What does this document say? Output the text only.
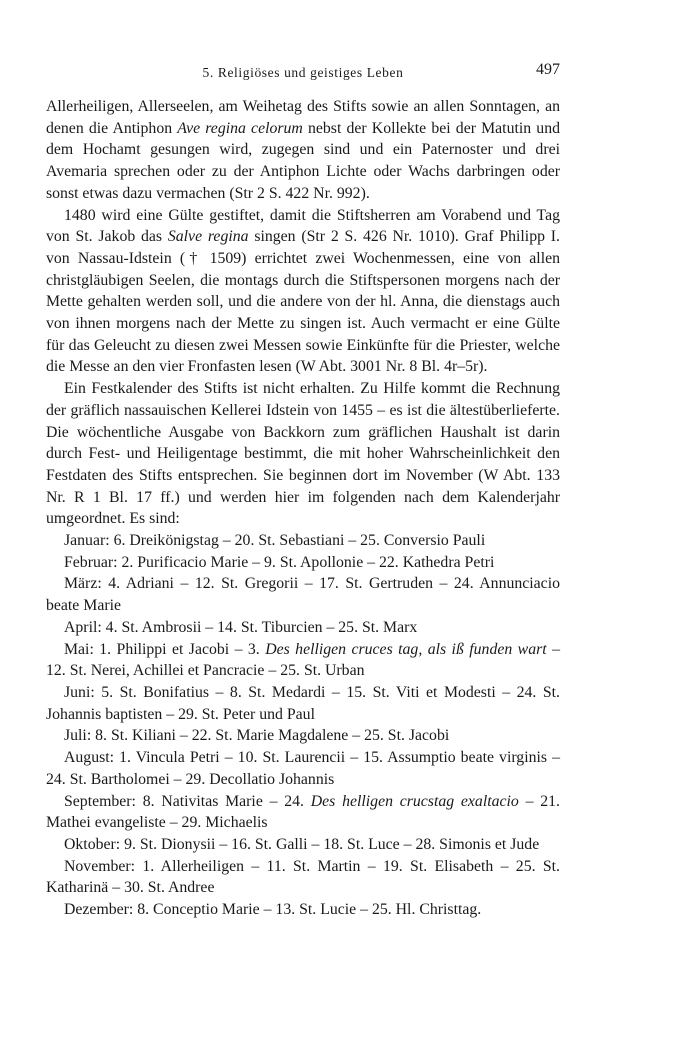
5. Religiöses und geistiges Leben	497

Allerheiligen, Allerseelen, am Weihetag des Stifts sowie an allen Sonntagen, an denen die Antiphon Ave regina celorum nebst der Kollekte bei der Matutin und dem Hochamt gesungen wird, zugegen sind und ein Paternoster und drei Avemaria sprechen oder zu der Antiphon Lichte oder Wachs darbringen oder sonst etwas dazu vermachen (Str 2 S. 422 Nr. 992).

1480 wird eine Gülte gestiftet, damit die Stiftsherren am Vorabend und Tag von St. Jakob das Salve regina singen (Str 2 S. 426 Nr. 1010). Graf Philipp I. von Nassau-Idstein († 1509) errichtet zwei Wochenmessen, eine von allen christgläubigen Seelen, die montags durch die Stiftspersonen morgens nach der Mette gehalten werden soll, und die andere von der hl. Anna, die dienstags auch von ihnen morgens nach der Mette zu singen ist. Auch vermacht er eine Gülte für das Geleucht zu diesen zwei Messen sowie Einkünfte für die Priester, welche die Messe an den vier Fronfasten lesen (W Abt. 3001 Nr. 8 Bl. 4r–5r).

Ein Festkalender des Stifts ist nicht erhalten. Zu Hilfe kommt die Rechnung der gräflich nassauischen Kellerei Idstein von 1455 – es ist die ältestüberlieferte. Die wöchentliche Ausgabe von Backkorn zum gräflichen Haushalt ist darin durch Fest- und Heiligentage bestimmt, die mit hoher Wahrscheinlichkeit den Festdaten des Stifts entsprechen. Sie beginnen dort im November (W Abt. 133 Nr. R 1 Bl. 17 ff.) und werden hier im folgenden nach dem Kalenderjahr umgeordnet. Es sind:

Januar: 6. Dreikönigstag – 20. St. Sebastiani – 25. Conversio Pauli

Februar: 2. Purificacio Marie – 9. St. Apollonie – 22. Kathedra Petri

März: 4. Adriani – 12. St. Gregorii – 17. St. Gertruden – 24. Annunciacio beate Marie

April: 4. St. Ambrosii – 14. St. Tiburcien – 25. St. Marx

Mai: 1. Philippi et Jacobi – 3. Des helligen cruces tag, als iß funden wart – 12. St. Nerei, Achillei et Pancracie – 25. St. Urban

Juni: 5. St. Bonifatius – 8. St. Medardi – 15. St. Viti et Modesti – 24. St. Johannis baptisten – 29. St. Peter und Paul

Juli: 8. St. Kiliani – 22. St. Marie Magdalene – 25. St. Jacobi

August: 1. Vincula Petri – 10. St. Laurencii – 15. Assumptio beate virginis – 24. St. Bartholomei – 29. Decollatio Johannis

September: 8. Nativitas Marie – 24. Des helligen crucstag exaltacio – 21. Mathei evangeliste – 29. Michaelis

Oktober: 9. St. Dionysii – 16. St. Galli – 18. St. Luce – 28. Simonis et Jude

November: 1. Allerheiligen – 11. St. Martin – 19. St. Elisabeth – 25. St. Katharinä – 30. St. Andree

Dezember: 8. Conceptio Marie – 13. St. Lucie – 25. Hl. Christtag.
